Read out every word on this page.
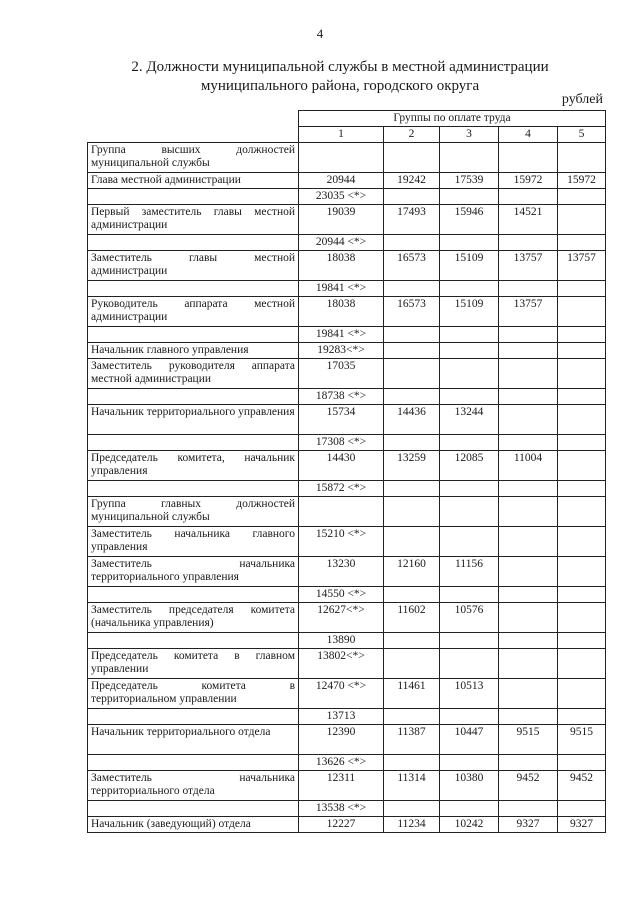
4
2. Должности муниципальной службы в местной администрации
муниципального района, городского округа
рублей
	Группы по оплате труда				
	1	2	3	4	5
Группа высших должностей муниципальной службы					
Глава местной администрации	20944	19242	17539	15972	15972
	23035 <*>				
Первый заместитель главы местной администрации	19039	17493	15946	14521	
	20944 <*>				
Заместитель главы местной администрации	18038	16573	15109	13757	13757
	19841 <*>				
Руководитель аппарата местной администрации	18038	16573	15109	13757	
	19841 <*>				
Начальник главного управления	19283<*>				
Заместитель руководителя аппарата местной администрации	17035				
	18738 <*>				
Начальник территориального управления	15734	14436	13244		
	17308 <*>				
Председатель комитета, начальник управления	14430	13259	12085	11004	
	15872 <*>				
Группа главных должностей муниципальной службы					
Заместитель начальника главного управления	15210 <*>				
Заместитель начальника территориального управления	13230	12160	11156		
	14550 <*>				
Заместитель председателя комитета (начальника управления)	12627<*>	11602	10576		
	13890				
Председатель комитета в главном управлении	13802<*>				
Председатель комитета в территориальном управлении	12470 <*>	11461	10513		
	13713				
Начальник территориального отдела	12390	11387	10447	9515	9515
	13626 <*>				
Заместитель начальника территориального отдела	12311	11314	10380	9452	9452
	13538 <*>				
Начальник (заведующий) отдела	12227	11234	10242	9327	9327
